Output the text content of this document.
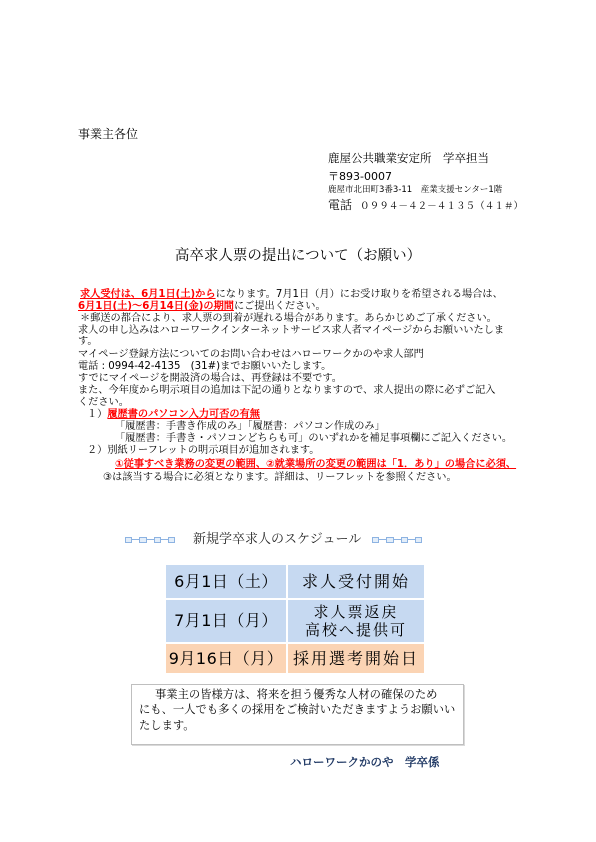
事業主各位
鹿屋公共職業安定所　学卒担当
〒893-0007
鹿屋市北田町3番3-11　産業支援センター1階
電話 ０９９４－４２－４１３５（４１＃）
高卒求人票の提出について（お願い）
求人受付は、6月1日(土)からになります。7月1日（月）にお受け取りを希望される場合は、
6月1日(土)～6月14日(金)の期間にご提出ください。
＊郵送の都合により、求人票の到着が遅れる場合があります。あらかじめご了承ください。
求人の申し込みはハローワークインターネットサービス求人者マイページからお願いいたしま
す。
マイページ登録方法についてのお問い合わせはハローワークかのや求人部門
電話 : 0994-42-4135　(31#)までお願いいたします。
すでにマイページを開設済の場合は、再登録は不要です。
また、今年度から明示項目の追加は下記の通りとなりますので、求人提出の際に必ずご記入
ください。
１）履歴書のパソコン入力可否の有無
「履歴書：手書き作成のみ」「履歴書：パソコン作成のみ」
「履歴書：手書き・パソコンどちらも可」のいずれかを補足事項欄にご記入ください。
２）別紙リーフレットの明示項目が追加されます。
①従事すべき業務の変更の範囲、②就業場所の変更の範囲は「1．あり」の場合に必須、
③は該当する場合に必須となります。詳細は、リーフレットを参照ください。
新規学卒求人のスケジュール
6月1日（土） 求人受付開始
7月1日（月） 求人票返戻
高校へ提供可
9月16日（月） 採用選考開始日
事業主の皆様方は、将来を担う優秀な人材の確保のため
にも、一人でも多くの採用をご検討いただきますようお願いい
たします。
ハローワークかのや　学卒係
